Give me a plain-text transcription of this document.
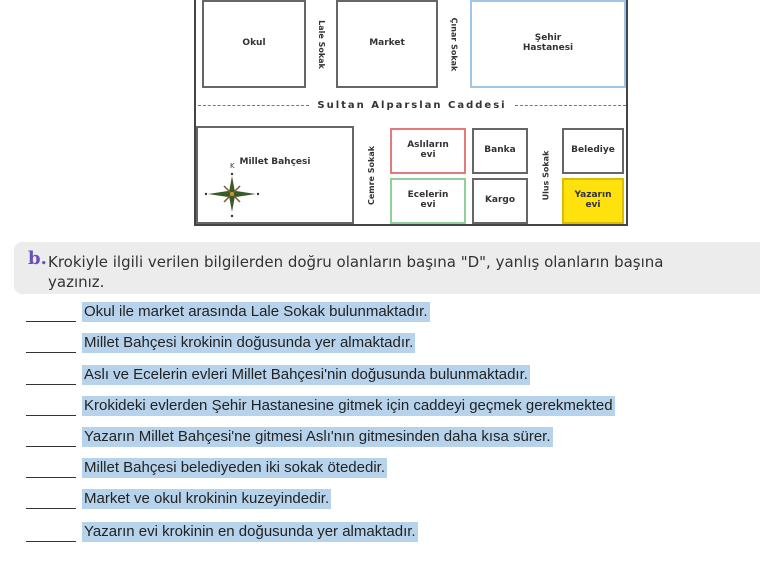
Okul	Lale Sokak	Market	Çınar Sokak	Şehir
Hastanesi
Sultan Alparslan Caddesi
Millet Bahçesi
K	Cemre Sokak
Aslıların
evi
Ecelerin
evi
Banka
Kargo
Ulus Sokak
Belediye
Yazarın
evi
b. Krokiyle ilgili verilen bilgilerden doğru olanların başına "D", yanlış olanların başına
yazınız.
Okul ile market arasında Lale Sokak bulunmaktadır.
Millet Bahçesi krokinin doğusunda yer almaktadır.
Aslı ve Ecelerin evleri Millet Bahçesi'nin doğusunda bulunmaktadır.
Krokideki evlerden Şehir Hastanesine gitmek için caddeyi geçmek gerekmekted
Yazarın Millet Bahçesi'ne gitmesi Aslı'nın gitmesinden daha kısa sürer.
Millet Bahçesi belediyeden iki sokak ötededir.
Market ve okul krokinin kuzeyindedir.
Yazarın evi krokinin en doğusunda yer almaktadır.
